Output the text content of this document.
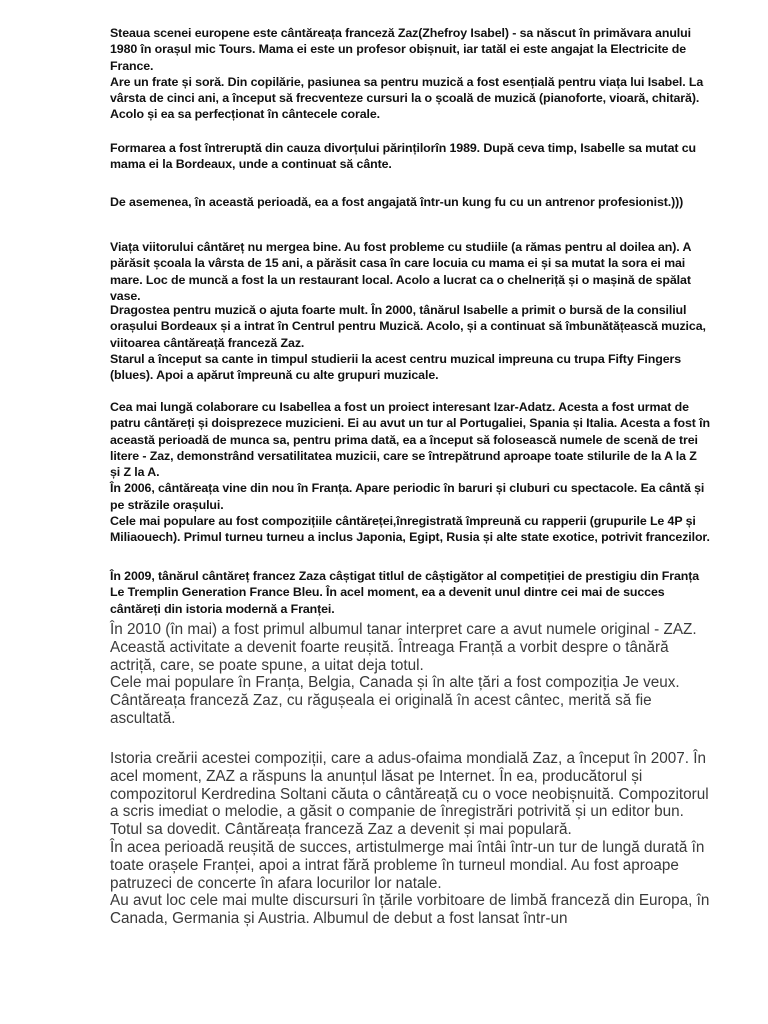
Steaua scenei europene este cântăreața franceză Zaz(Zhefroy Isabel) - sa născut în primăvara anului 1980 în orașul mic Tours. Mama ei este un profesor obișnuit, iar tatăl ei este angajat la Electricite de France.
Are un frate și soră. Din copilărie, pasiunea sa pentru muzică a fost esențială pentru viața lui Isabel. La vârsta de cinci ani, a început să frecventeze cursuri la o școală de muzică (pianoforte, vioară, chitară). Acolo și ea sa perfecționat în cântecele corale.

Formarea a fost întreruptă din cauza divorțului părințilorîn 1989. După ceva timp, Isabelle sa mutat cu mama ei la Bordeaux, unde a continuat să cânte.

De asemenea, în această perioadă, ea a fost angajată într-un kung fu cu un antrenor profesionist.)))

Viața viitorului cântăreț nu mergea bine. Au fost probleme cu studiile (a rămas pentru al doilea an). A părăsit școala la vârsta de 15 ani, a părăsit casa în care locuia cu mama ei și sa mutat la sora ei mai mare. Loc de muncă a fost la un restaurant local. Acolo a lucrat ca o chelneriță și o mașină de spălat vase.

Dragostea pentru muzică o ajuta foarte mult. În 2000, tânărul Isabelle a primit o bursă de la consiliul orașului Bordeaux și a intrat în Centrul pentru Muzică. Acolo, și a continuat să îmbunătățească muzica, viitoarea cântăreață franceză Zaz.
Starul a început sa cante in timpul studierii la acest centru muzical impreuna cu trupa Fifty Fingers (blues). Apoi a apărut împreună cu alte grupuri muzicale.

Cea mai lungă colaborare cu Isabellea a fost un proiect interesant Izar-Adatz. Acesta a fost urmat de patru cântăreți și doisprezece muzicieni. Ei au avut un tur al Portugaliei, Spania și Italia. Acesta a fost în această perioadă de munca sa, pentru prima dată, ea a început să folosească numele de scenă de trei litere - Zaz, demonstrând versatilitatea muzicii, care se întrepătrund aproape toate stilurile de la A la Z și Z la A.
În 2006, cântăreața vine din nou în Franța. Apare periodic în baruri și cluburi cu spectacole. Ea cântă și pe străzile orașului.
Cele mai populare au fost compozițiile cântăreței,înregistrată împreună cu rapperii (grupurile Le 4P și Miliaouech). Primul turneu turneu a inclus Japonia, Egipt, Rusia și alte state exotice, potrivit francezilor.

În 2009, tânărul cântăreț francez Zaza câștigat titlul de câștigător al competiției de prestigiu din Franța Le Tremplin Generation France Bleu. În acel moment, ea a devenit unul dintre cei mai de succes cântăreți din istoria modernă a Franței.

În 2010 (în mai) a fost primul albumul tanar interpret care a avut numele original - ZAZ. Această activitate a devenit foarte reușită. Întreaga Franță a vorbit despre o tânără actriță, care, se poate spune, a uitat deja totul.
Cele mai populare în Franța, Belgia, Canada și în alte țări a fost compoziția Je veux. Cântăreața franceză Zaz, cu răgușeala ei originală în acest cântec, merită să fie ascultată.

Istoria creării acestei compoziții, care a adus-ofaima mondială Zaz, a început în 2007. În acel moment, ZAZ a răspuns la anunțul lăsat pe Internet. În ea, producătorul și compozitorul Kerdredina Soltani căuta o cântăreață cu o voce neobișnuită. Compozitorul a scris imediat o melodie, a găsit o companie de înregistrări potrivită și un editor bun. Totul sa dovedit. Cântăreața franceză Zaz a devenit și mai populară.
În acea perioadă reușită de succes, artistulmerge mai întâi într-un tur de lungă durată în toate orașele Franței, apoi a intrat fără probleme în turneul mondial. Au fost aproape patruzeci de concerte în afara locurilor lor natale.
Au avut loc cele mai multe discursuri în țările vorbitoare de limbă franceză din Europa, în Canada, Germania și Austria. Albumul de debut a fost lansat într-un
